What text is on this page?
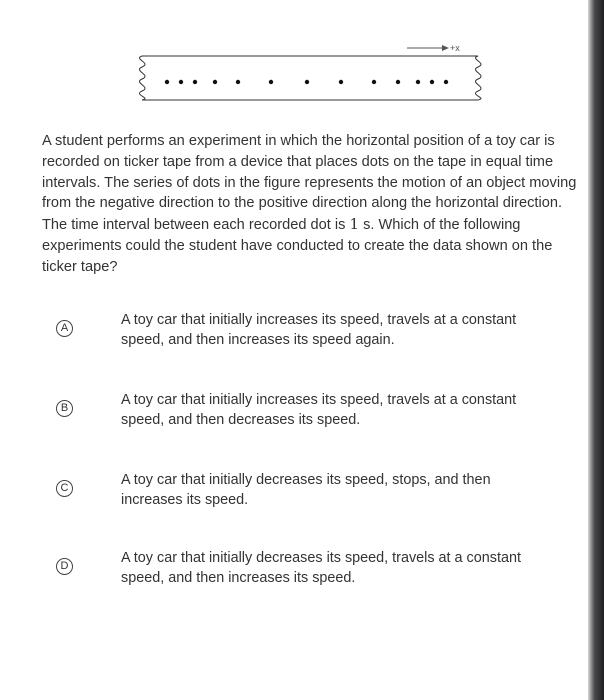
+x

A student performs an experiment in which the horizontal position of a toy car is recorded on ticker tape from a device that places dots on the tape in equal time intervals. The series of dots in the figure represents the motion of an object moving from the negative direction to the positive direction along the horizontal direction. The time interval between each recorded dot is 1 s. Which of the following experiments could the student have conducted to create the data shown on the ticker tape?

A	A toy car that initially increases its speed, travels at a constant speed, and then increases its speed again.
B	A toy car that initially increases its speed, travels at a constant speed, and then decreases its speed.
C	A toy car that initially decreases its speed, stops, and then increases its speed.
D	A toy car that initially decreases its speed, travels at a constant speed, and then increases its speed.
